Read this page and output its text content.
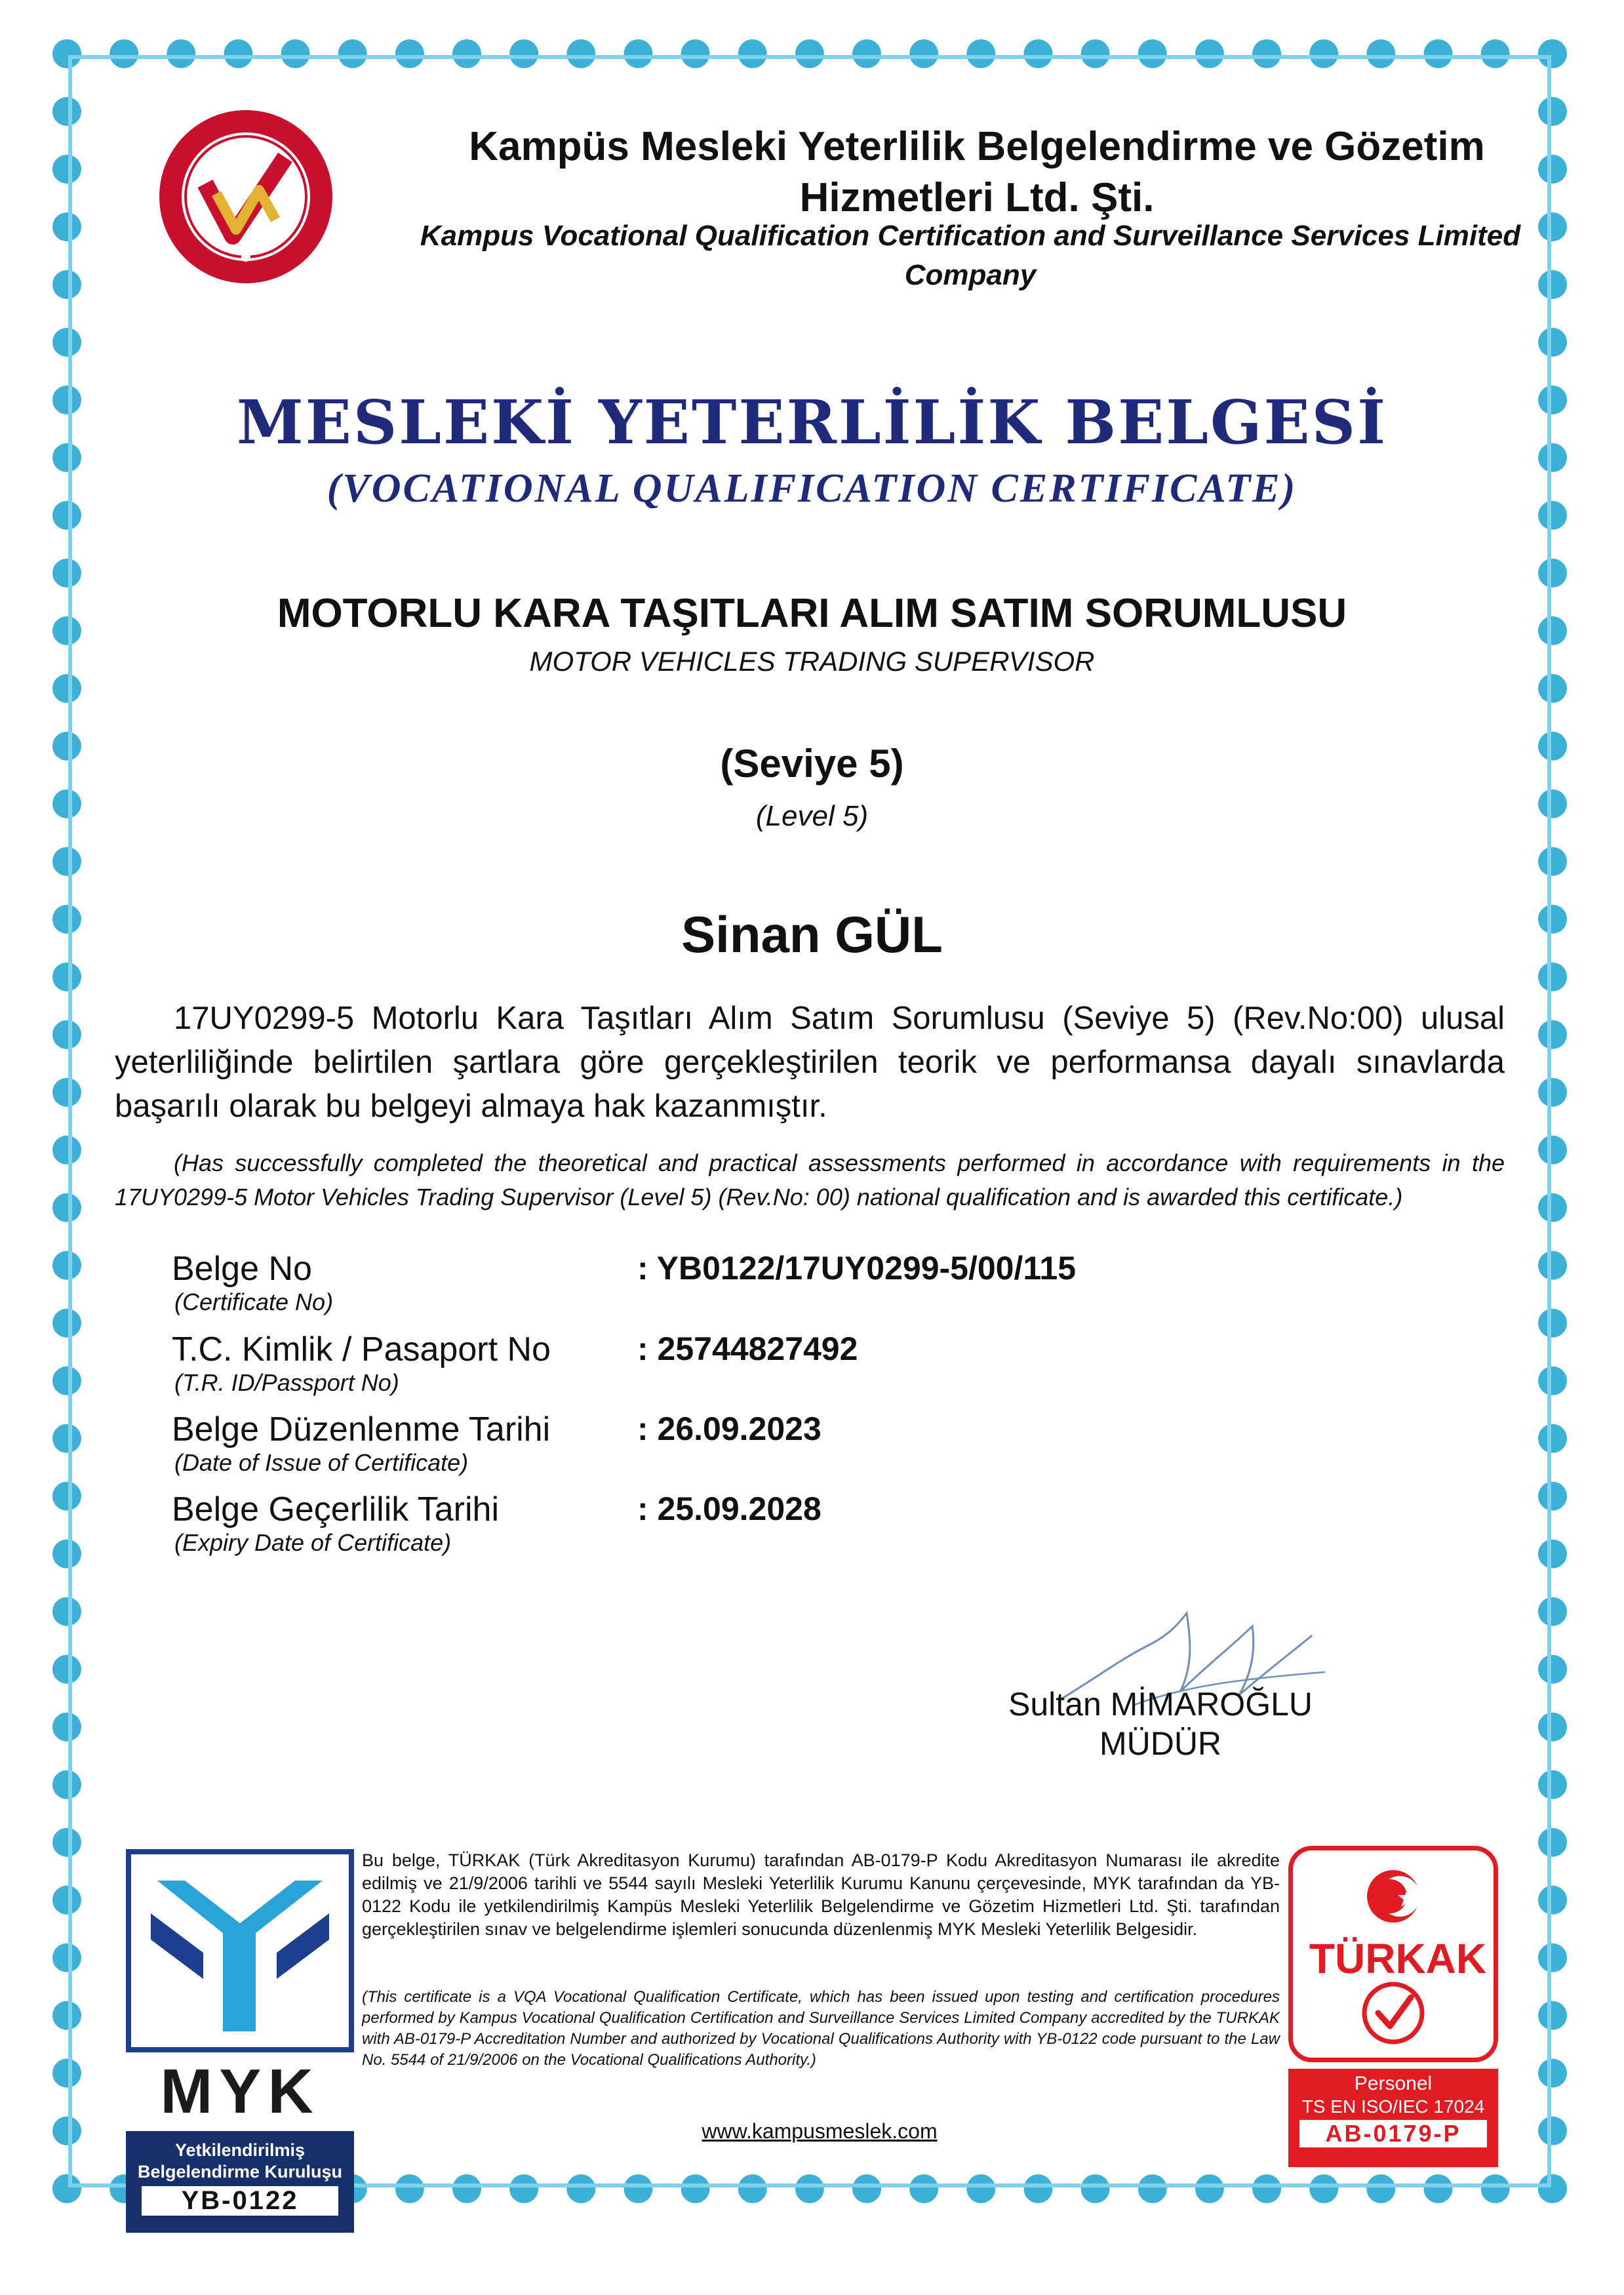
Kampüs Mesleki Yeterlilik Belgelendirme ve Gözetim Hizmetleri Ltd. Şti.
Kampus Vocational Qualification Certification and Surveillance Services Limited Company
MESLEKİ YETERLİLİK BELGESİ
(VOCATIONAL QUALIFICATION CERTIFICATE)
MOTORLU KARA TAŞITLARI ALIM SATIM SORUMLUSU
MOTOR VEHICLES TRADING SUPERVISOR
(Seviye 5)
(Level 5)
Sinan GÜL
17UY0299-5 Motorlu Kara Taşıtları Alım Satım Sorumlusu (Seviye 5) (Rev.No:00) ulusal yeterliliğinde belirtilen şartlara göre gerçekleştirilen teorik ve performansa dayalı sınavlarda başarılı olarak bu belgeyi almaya hak kazanmıştır.
(Has successfully completed the theoretical and practical assessments performed in accordance with requirements in the 17UY0299-5 Motor Vehicles Trading Supervisor (Level 5) (Rev.No: 00) national qualification and is awarded this certificate.)
Belge No
(Certificate No)
: YB0122/17UY0299-5/00/115
T.C. Kimlik / Pasaport No
(T.R. ID/Passport No)
: 25744827492
Belge Düzenlenme Tarihi
(Date of Issue of Certificate)
: 26.09.2023
Belge Geçerlilik Tarihi
(Expiry Date of Certificate)
: 25.09.2028
Sultan MİMAROĞLU
MÜDÜR
MYK
Yetkilendirilmiş
Belgelendirme Kuruluşu
YB-0122
Bu belge, TÜRKAK (Türk Akreditasyon Kurumu) tarafından AB-0179-P Kodu Akreditasyon Numarası ile akredite edilmiş ve 21/9/2006 tarihli ve 5544 sayılı Mesleki Yeterlilik Kurumu Kanunu çerçevesinde, MYK tarafından da YB-0122 Kodu ile yetkilendirilmiş Kampüs Mesleki Yeterlilik Belgelendirme ve Gözetim Hizmetleri Ltd. Şti. tarafından gerçekleştirilen sınav ve belgelendirme işlemleri sonucunda düzenlenmiş MYK Mesleki Yeterlilik Belgesidir.
(This certificate is a VQA Vocational Qualification Certificate, which has been issued upon testing and certification procedures performed by Kampus Vocational Qualification Certification and Surveillance Services Limited Company accredited by the TURKAK with AB-0179-P Accreditation Number and authorized by Vocational Qualifications Authority with YB-0122 code pursuant to the Law No. 5544 of 21/9/2006 on the Vocational Qualifications Authority.)
www.kampusmeslek.com
TÜRKAK
Personel
TS EN ISO/IEC 17024
AB-0179-P
